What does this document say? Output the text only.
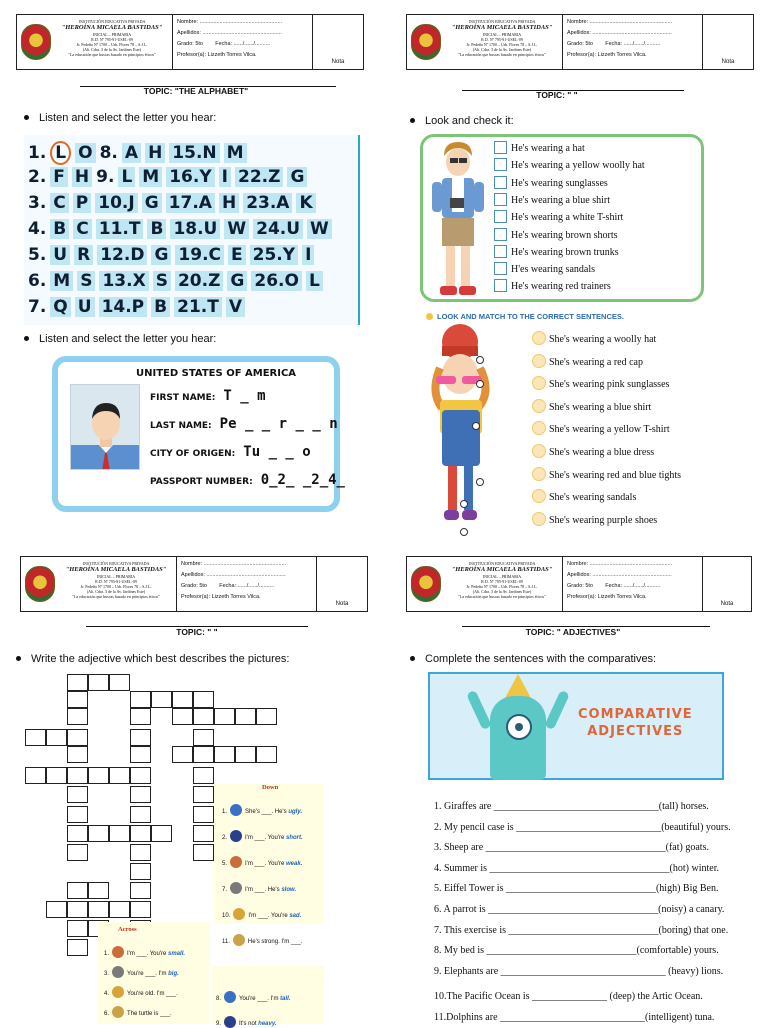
INSTITUCIÓN EDUCATIVA PRIVADA
"HEROÍNA MICAELA BASTIDAS"
INICIAL – PRIMARIA
R.D. Nº 795-91-USEL-09
Jr. Pedeña Nº 1700 – Urb. Flores 78 – S.J.L.
(Alt. Cdra. 3 de la Av. Jardines Este)
"La educación que buscas basado en principios éticos"
Nombre: ......................................................
Apellidos: ....................................................
Grado: 5to Fecha: ....../....../..........
Profesor(a): Lizzeth Torres Vilca.
Nota
TOPIC: "THE ALPHABET"
Listen and select the letter you hear:
1. L O 8. A H 15.N M
2. F H 9. L M 16.Y I 22.Z G
3. C P 10.J G 17.A H 23.A K
4. B C 11.T B 18.U W 24.U W
5. U R 12.D G 19.C E 25.Y I
6. M S 13.X S 20.Z G 26.O L
7. Q U 14.P B 21.T V
Listen and select the letter you hear:
UNITED STATES OF AMERICA
FIRST NAME: T _ m
LAST NAME: Pe _ _ r _ _ n
CITY OF ORIGEN: Tu _ _ o
PASSPORT NUMBER: 0_2_ _2_4_
INSTITUCIÓN EDUCATIVA PRIVADA
"HEROÍNA MICAELA BASTIDAS"
INICIAL – PRIMARIA
R.D. Nº 795-91-USEL-09
Jr. Pedeña Nº 1700 – Urb. Flores 78 – S.J.L.
(Alt. Cdra. 3 de la Av. Jardines Este)
"La educación que buscas basado en principios éticos"
Nombre: ......................................................
Apellidos: ....................................................
Grado: 5to Fecha: ....../....../..........
Profesor(a): Lizzeth Torres Vilca.
Nota
TOPIC: " "
Look and check it:
He's wearing a hat
He's wearing a yellow woolly hat
He's wearing sunglasses
He's wearing a blue shirt
He's wearing a white T-shirt
He's wearing brown shorts
He's wearing brown trunks
H'es wearing sandals
He's wearing red trainers
LOOK AND MATCH TO THE CORRECT SENTENCES.
She's wearing a woolly hat
She's wearing a red cap
She's wearing pink sunglasses
She's wearing a blue shirt
She's wearing a yellow T-shirt
She's wearing a blue dress
She's wearing red and blue tights
She's wearing sandals
She's wearing purple shoes
INSTITUCIÓN EDUCATIVA PRIVADA
"HEROÍNA MICAELA BASTIDAS"
INICIAL – PRIMARIA
R.D. Nº 795-91-USEL-09
Jr. Pedeña Nº 1700 – Urb. Flores 78 – S.J.L.
(Alt. Cdra. 3 de la Av. Jardines Este)
"La educación que buscas basado en principios éticos"
Nombre: ......................................................
Apellidos: ....................................................
Grado: 5to Fecha: ....../....../..........
Profesor(a): Lizzeth Torres Vilca.
Nota
TOPIC: " "
Write the adjective which best describes the pictures:
Down
Across
1.	She's ___. He's ugly.
2.	I'm ___. You're short.
5.	I'm ___. You're weak.
7.	I'm ___. He's slow.
10.	I'm ___. You're sad.
11.	He's strong. I'm ___.
1.	I'm ___. You're small.
3.	You're ___. I'm big.
4.	You're old. I'm ___.
6.	The turtle is ___.
8.	You're ___. I'm tall.
9.	It's not heavy.
INSTITUCIÓN EDUCATIVA PRIVADA
"HEROÍNA MICAELA BASTIDAS"
INICIAL – PRIMARIA
R.D. Nº 795-91-USEL-09
Jr. Pedeña Nº 1700 – Urb. Flores 78 – S.J.L.
(Alt. Cdra. 3 de la Av. Jardines Este)
"La educación que buscas basado en principios éticos"
Nombre: ......................................................
Apellidos: ....................................................
Grado: 5to Fecha: ....../....../..........
Profesor(a): Lizzeth Torres Vilca.
Nota
TOPIC: " ADJECTIVES"
Complete the sentences with the comparatives:
COMPARATIVE
ADJECTIVES
1. Giraffes are _________________________________(tall) horses.
2. My pencil case is _____________________________(beautiful) yours.
3. Sheep are ____________________________________(fat) goats.
4. Summer is ____________________________________(hot) winter.
5. Eiffel Tower is ______________________________(high) Big Ben.
6. A parrot is __________________________________(noisy) a canary.
7. This exercise is ______________________________(boring) that one.
8. My bed is ______________________________(comfortable) yours.
9. Elephants are _________________________________ (heavy) lions.
10.The Pacific Ocean is _______________ (deep) the Artic Ocean.
11.Dolphins are _____________________________(intelligent) tuna.
